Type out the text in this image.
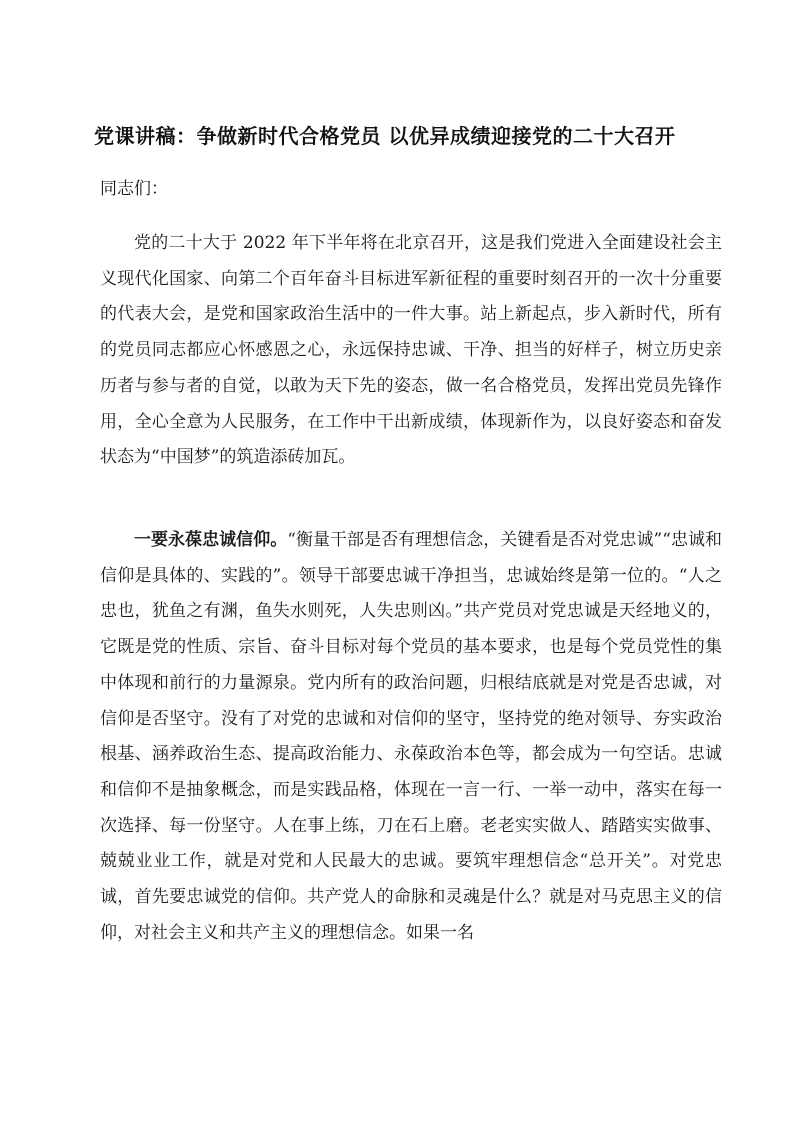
党课讲稿：争做新时代合格党员 以优异成绩迎接党的二十大召开
同志们：

党的二十大于 2022 年下半年将在北京召开，这是我们党进入全面建设社会主义现代化国家、向第二个百年奋斗目标进军新征程的重要时刻召开的一次十分重要的代表大会，是党和国家政治生活中的一件大事。站上新起点，步入新时代，所有的党员同志都应心怀感恩之心，永远保持忠诚、干净、担当的好样子，树立历史亲历者与参与者的自觉，以敢为天下先的姿态，做一名合格党员，发挥出党员先锋作用，全心全意为人民服务，在工作中干出新成绩，体现新作为，以良好姿态和奋发状态为“中国梦”的筑造添砖加瓦。

一要永葆忠诚信仰。“衡量干部是否有理想信念，关键看是否对党忠诚”“忠诚和信仰是具体的、实践的”。领导干部要忠诚干净担当，忠诚始终是第一位的。“人之忠也，犹鱼之有渊，鱼失水则死，人失忠则凶。”共产党员对党忠诚是天经地义的，它既是党的性质、宗旨、奋斗目标对每个党员的基本要求，也是每个党员党性的集中体现和前行的力量源泉。党内所有的政治问题，归根结底就是对党是否忠诚，对信仰是否坚守。没有了对党的忠诚和对信仰的坚守，坚持党的绝对领导、夯实政治根基、涵养政治生态、提高政治能力、永葆政治本色等，都会成为一句空话。忠诚和信仰不是抽象概念，而是实践品格，体现在一言一行、一举一动中，落实在每一次选择、每一份坚守。人在事上练，刀在石上磨。老老实实做人、踏踏实实做事、兢兢业业工作，就是对党和人民最大的忠诚。要筑牢理想信念“总开关”。对党忠诚，首先要忠诚党的信仰。共产党人的命脉和灵魂是什么？就是对马克思主义的信仰，对社会主义和共产主义的理想信念。如果一名
